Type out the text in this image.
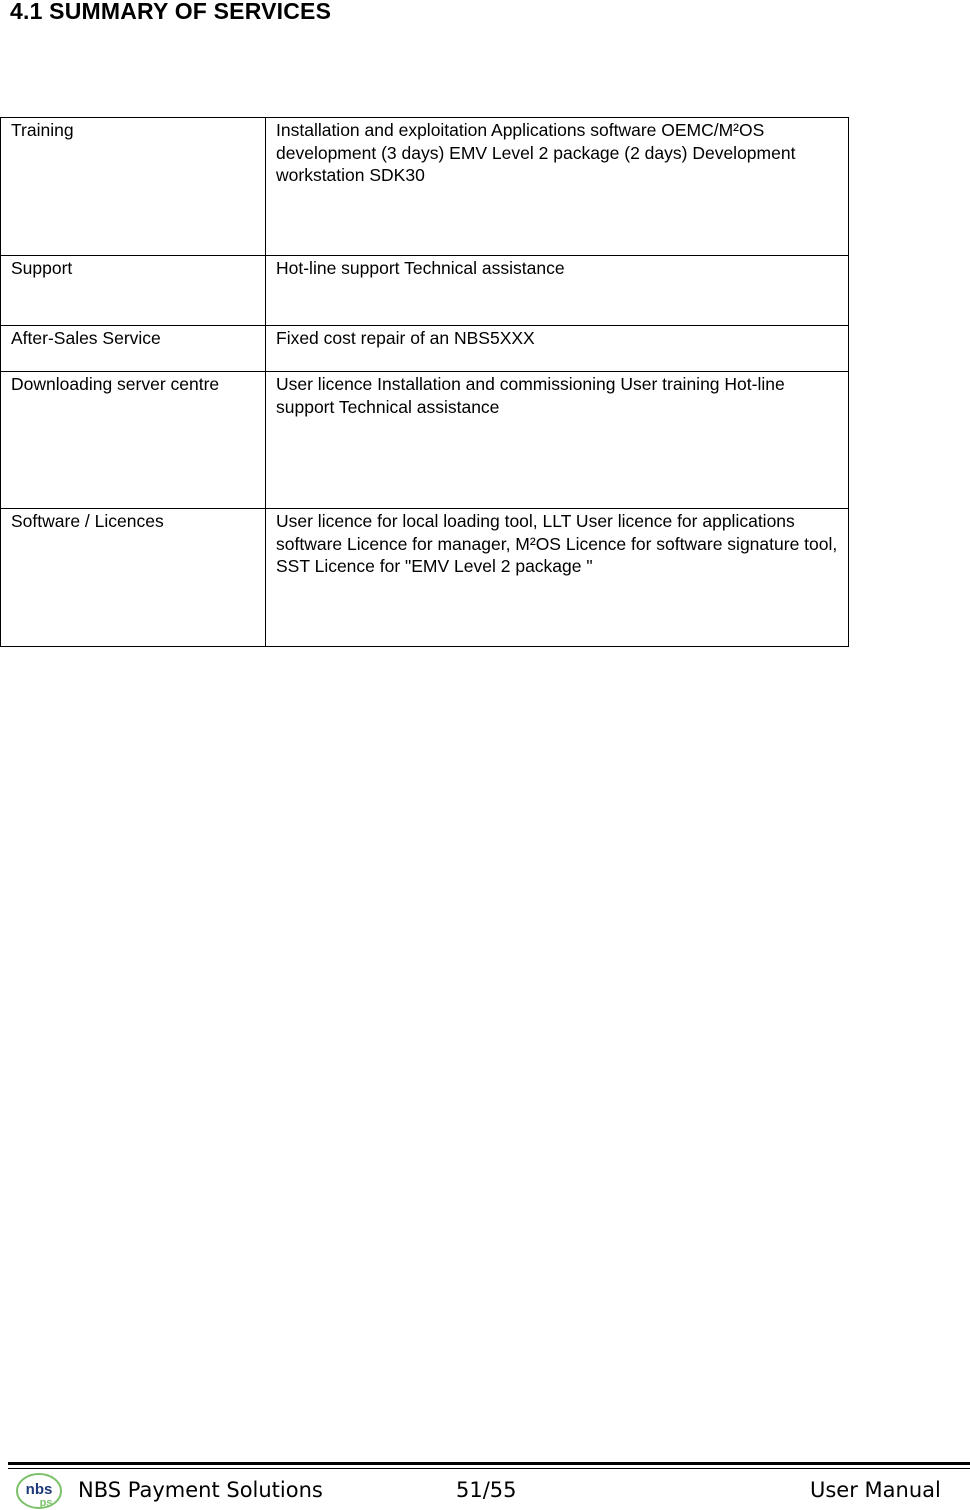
4.1 SUMMARY OF SERVICES
Training	Installation and exploitation Applications software OEMC/M²OS development (3 days) EMV Level 2 package (2 days) Development workstation SDK30
Support	Hot-line support Technical assistance
After-Sales Service	Fixed cost repair of an NBS5XXX
Downloading server centre	User licence Installation and commissioning User training Hot-line support Technical assistance
Software / Licences	User licence for local loading tool, LLT User licence for applications software Licence for manager, M²OS Licence for software signature tool, SST Licence for "EMV Level 2 package "
nbs
ps
NBS Payment Solutions	51/55	User Manual
